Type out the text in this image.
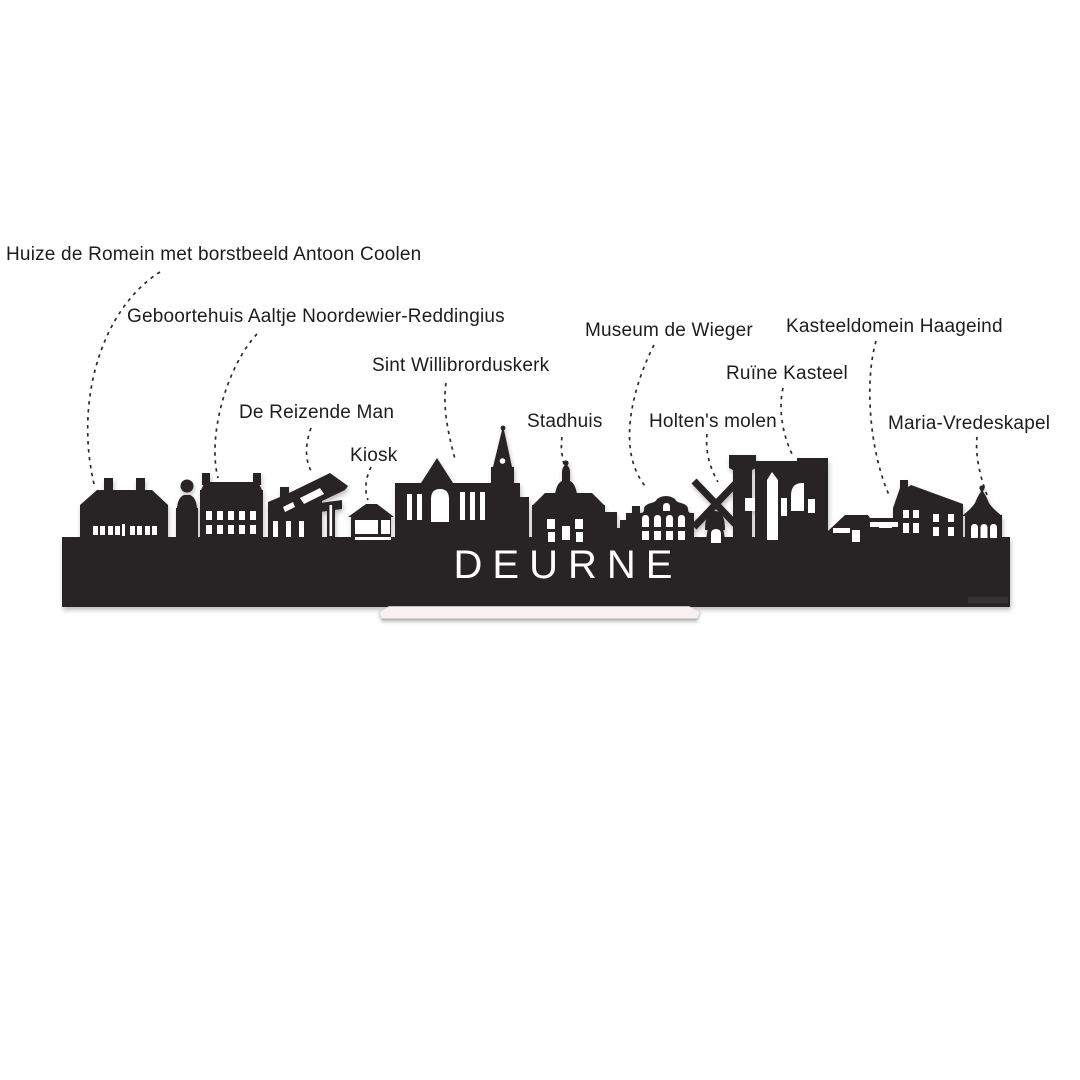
DEURNE
Huize de Romein met borstbeeld Antoon Coolen
Geboortehuis Aaltje Noordewier-Reddingius
Sint Willibrorduskerk
De Reizende Man
Kiosk
Stadhuis
Museum de Wieger
Holten's molen
Ruïne Kasteel
Kasteeldomein Haageind
Maria-Vredeskapel
